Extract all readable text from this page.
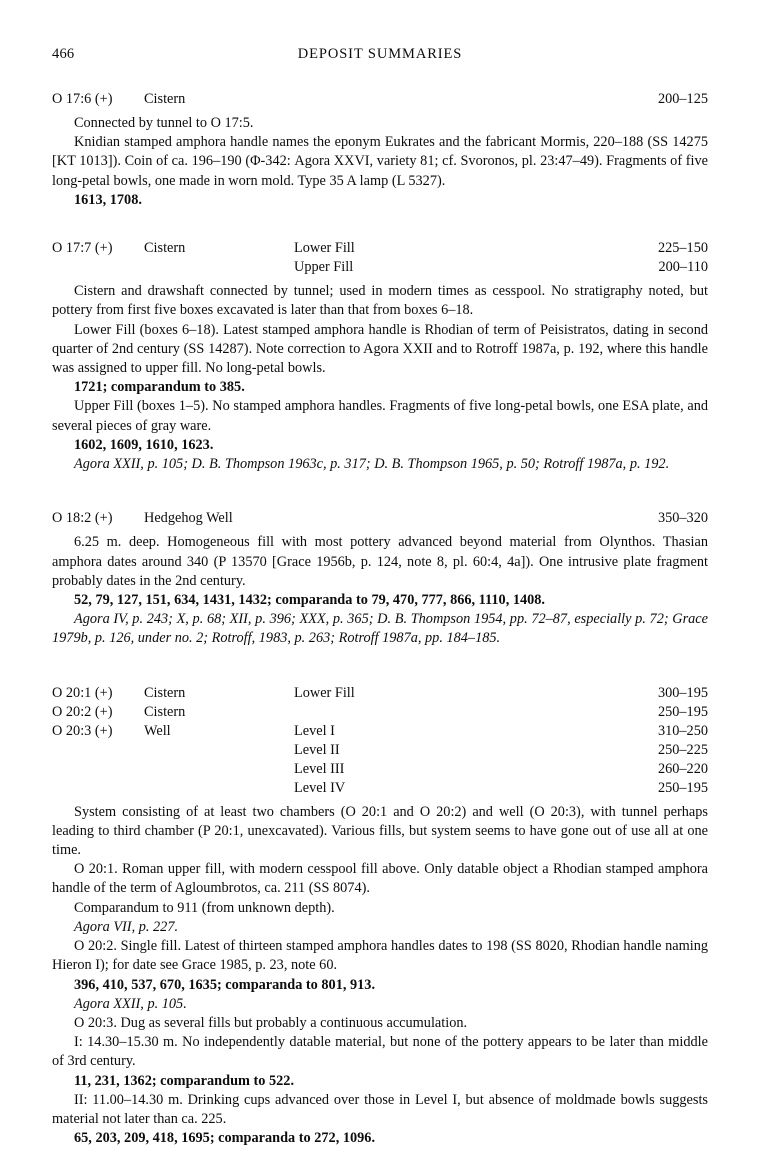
466	DEPOSIT SUMMARIES
O 17:6 (+)	Cistern		200–125

Connected by tunnel to O 17:5.

Knidian stamped amphora handle names the eponym Eukrates and the fabricant Mormis, 220–188 (SS 14275 [KT 1013]). Coin of ca. 196–190 (Φ-342: Agora XXVI, variety 81; cf. Svoronos, pl. 23:47–49). Fragments of five long-petal bowls, one made in worn mold. Type 35 A lamp (L 5327).

1613, 1708.

O 17:7 (+)	Cistern	Lower Fill	225–150
		Upper Fill	200–110

Cistern and drawshaft connected by tunnel; used in modern times as cesspool. No stratigraphy noted, but pottery from first five boxes excavated is later than that from boxes 6–18.

Lower Fill (boxes 6–18). Latest stamped amphora handle is Rhodian of term of Peisistratos, dating in second quarter of 2nd century (SS 14287). Note correction to Agora XXII and to Rotroff 1987a, p. 192, where this handle was assigned to upper fill. No long-petal bowls.

1721; comparandum to 385.

Upper Fill (boxes 1–5). No stamped amphora handles. Fragments of five long-petal bowls, one ESA plate, and several pieces of gray ware.

1602, 1609, 1610, 1623.

Agora XXII, p. 105; D. B. Thompson 1963c, p. 317; D. B. Thompson 1965, p. 50; Rotroff 1987a, p. 192.

O 18:2 (+)	Hedgehog Well		350–320

6.25 m. deep. Homogeneous fill with most pottery advanced beyond material from Olynthos. Thasian amphora dates around 340 (P 13570 [Grace 1956b, p. 124, note 8, pl. 60:4, 4a]). One intrusive plate fragment probably dates in the 2nd century.

52, 79, 127, 151, 634, 1431, 1432; comparanda to 79, 470, 777, 866, 1110, 1408.

Agora IV, p. 243; X, p. 68; XII, p. 396; XXX, p. 365; D. B. Thompson 1954, pp. 72–87, especially p. 72; Grace 1979b, p. 126, under no. 2; Rotroff, 1983, p. 263; Rotroff 1987a, pp. 184–185.

O 20:1 (+)	Cistern	Lower Fill	300–195
O 20:2 (+)	Cistern		250–195
O 20:3 (+)	Well	Level I	310–250
		Level II	250–225
		Level III	260–220
		Level IV	250–195

System consisting of at least two chambers (O 20:1 and O 20:2) and well (O 20:3), with tunnel perhaps leading to third chamber (P 20:1, unexcavated). Various fills, but system seems to have gone out of use all at one time.

O 20:1. Roman upper fill, with modern cesspool fill above. Only datable object a Rhodian stamped amphora handle of the term of Agloumbrotos, ca. 211 (SS 8074).

Comparandum to 911 (from unknown depth).

Agora VII, p. 227.

O 20:2. Single fill. Latest of thirteen stamped amphora handles dates to 198 (SS 8020, Rhodian handle naming Hieron I); for date see Grace 1985, p. 23, note 60.

396, 410, 537, 670, 1635; comparanda to 801, 913.

Agora XXII, p. 105.

O 20:3. Dug as several fills but probably a continuous accumulation.

I: 14.30–15.30 m. No independently datable material, but none of the pottery appears to be later than middle of 3rd century.

11, 231, 1362; comparandum to 522.

II: 11.00–14.30 m. Drinking cups advanced over those in Level I, but absence of moldmade bowls suggests material not later than ca. 225.

65, 203, 209, 418, 1695; comparanda to 272, 1096.
